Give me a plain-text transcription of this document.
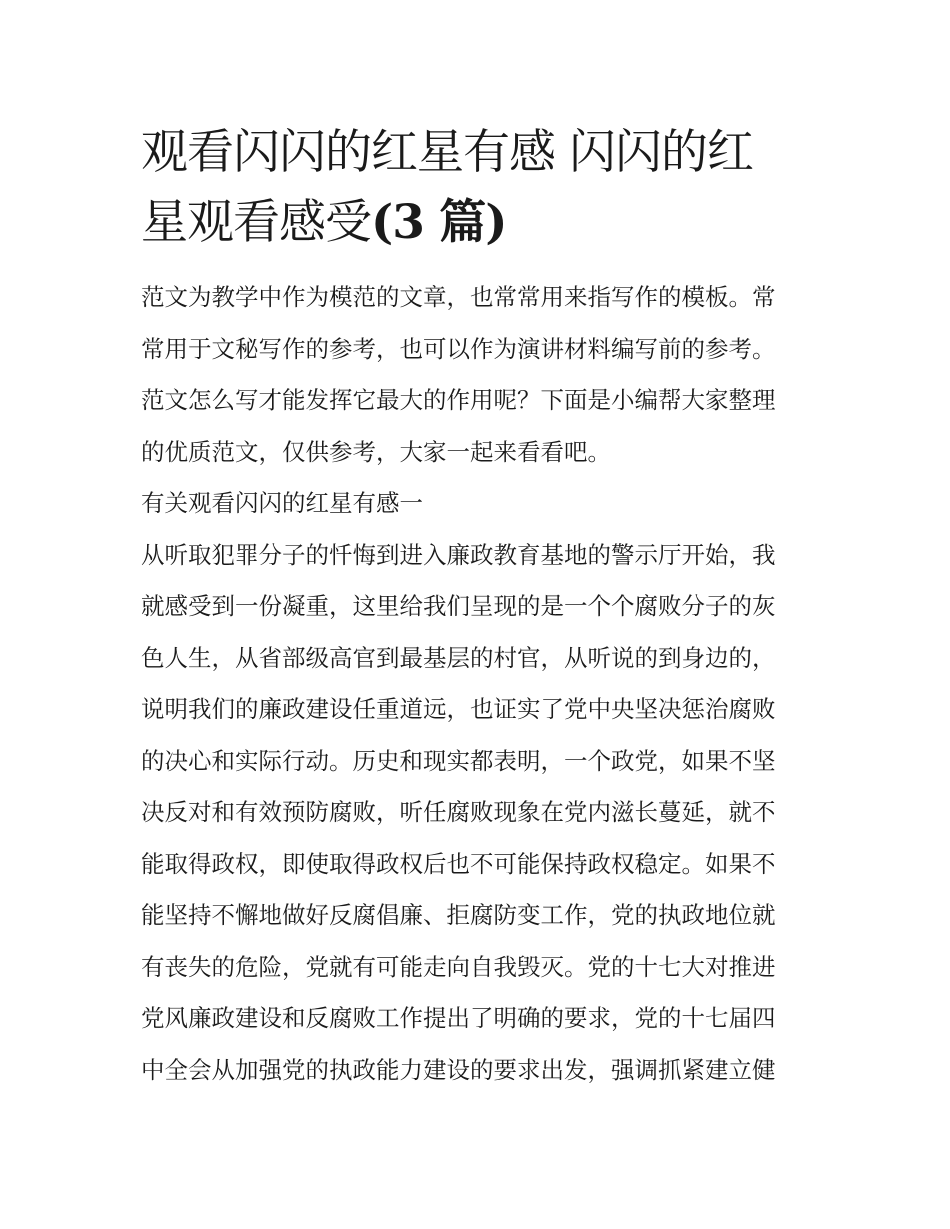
观看闪闪的红星有感 闪闪的红
星观看感受(3 篇)
范文为教学中作为模范的文章，也常常用来指写作的模板。常
常用于文秘写作的参考，也可以作为演讲材料编写前的参考。
范文怎么写才能发挥它最大的作用呢？下面是小编帮大家整理
的优质范文，仅供参考，大家一起来看看吧。
有关观看闪闪的红星有感一
从听取犯罪分子的忏悔到进入廉政教育基地的警示厅开始，我
就感受到一份凝重，这里给我们呈现的是一个个腐败分子的灰
色人生，从省部级高官到最基层的村官，从听说的到身边的，
说明我们的廉政建设任重道远，也证实了党中央坚决惩治腐败
的决心和实际行动。历史和现实都表明，一个政党，如果不坚
决反对和有效预防腐败，听任腐败现象在党内滋长蔓延，就不
能取得政权，即使取得政权后也不可能保持政权稳定。如果不
能坚持不懈地做好反腐倡廉、拒腐防变工作，党的执政地位就
有丧失的危险，党就有可能走向自我毁灭。党的十七大对推进
党风廉政建设和反腐败工作提出了明确的要求，党的十七届四
中全会从加强党的执政能力建设的要求出发，强调抓紧建立健
